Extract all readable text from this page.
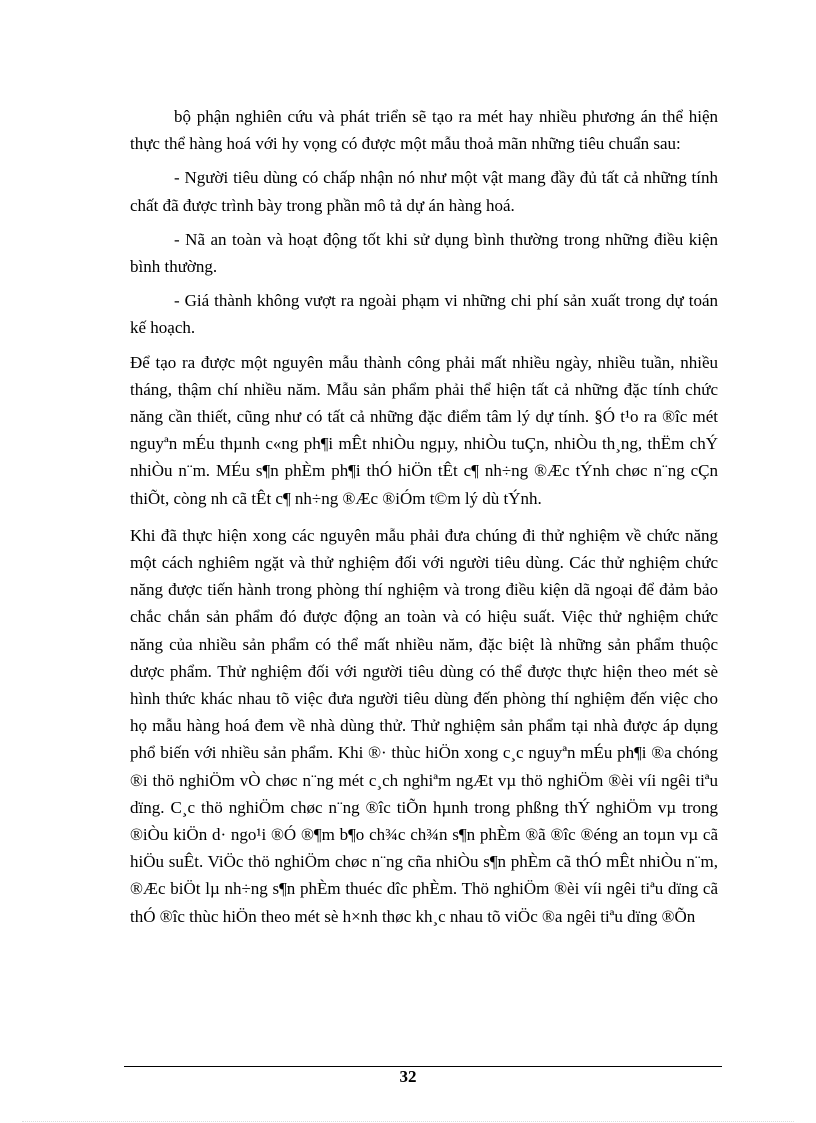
bộ phận nghiên cứu và phát triển sẽ tạo ra mét hay nhiều phương án thể hiện thực thể hàng hoá với hy vọng có được một mẫu thoả mãn những tiêu chuẩn sau:

- Người tiêu dùng có chấp nhận nó như một vật mang đầy đủ tất cả những tính chất đã được trình bày trong phần mô tả dự án hàng hoá.

- Nã an toàn và hoạt động tốt khi sử dụng bình thường trong những điều kiện bình thường.

- Giá thành không vượt ra ngoài phạm vi những chi phí sản xuất trong dự toán kế hoạch.

Để tạo ra được một nguyên mẫu thành công phải mất nhiều ngày, nhiều tuần, nhiều tháng, thậm chí nhiều năm. Mẫu sản phẩm phải thể hiện tất cả những đặc tính chức năng cần thiết, cũng như có tất cả những đặc điểm tâm lý dự tính. §Ó t¹o ra ®îc mét nguyªn mÉu thµnh c«ng ph¶i mÊt nhiÒu ngµy, nhiÒu tuÇn, nhiÒu th¸ng, thËm chÝ nhiÒu n¨m. MÉu s¶n phÈm ph¶i thÓ hiÖn tÊt c¶ nh÷ng ®Æc tÝnh chøc n¨ng cÇn thiÕt, còng nh cã tÊt c¶ nh÷ng ®Æc ®iÓm t©m lý dù tÝnh.

Khi đã thực hiện xong các nguyên mẫu phải đưa chúng đi thử nghiệm về chức năng một cách nghiêm ngặt và thử nghiệm đối với người tiêu dùng. Các thử nghiệm chức năng được tiến hành trong phòng thí nghiệm và trong điều kiện dã ngoại để đảm bảo chắc chắn sản phẩm đó được động an toàn và có hiệu suất. Việc thử nghiệm chức năng của nhiều sản phẩm có thể mất nhiều năm, đặc biệt là những sản phẩm thuộc dược phẩm. Thử nghiệm đối với người tiêu dùng có thể được thực hiện theo mét sè hình thức khác nhau tõ việc đưa người tiêu dùng đến phòng thí nghiệm đến việc cho họ mẫu hàng hoá đem về nhà dùng thử. Thử nghiệm sản phẩm tại nhà được áp dụng phổ biến với nhiều sản phẩm. Khi ®· thùc hiÖn xong c¸c nguyªn mÉu ph¶i ®a chóng ®i thö nghiÖm vÒ chøc n¨ng mét c¸ch nghiªm ngÆt vµ thö nghiÖm ®èi víi ngêi tiªu dïng. C¸c thö nghiÖm chøc n¨ng ®îc tiÕn hµnh trong phßng thÝ nghiÖm vµ trong ®iÒu kiÖn d· ngo¹i ®Ó ®¶m b¶o ch¾c ch¾n s¶n phÈm ®ã ®îc ®éng an toµn vµ cã hiÖu suÊt. ViÖc thö nghiÖm chøc n¨ng cña nhiÒu s¶n phÈm cã thÓ mÊt nhiÒu n¨m, ®Æc biÖt lµ nh÷ng s¶n phÈm thuéc dîc phÈm. Thö nghiÖm ®èi víi ngêi tiªu dïng cã thÓ ®îc thùc hiÖn theo mét sè h×nh thøc kh¸c nhau tõ viÖc ®a ngêi tiªu dïng ®Õn

32
